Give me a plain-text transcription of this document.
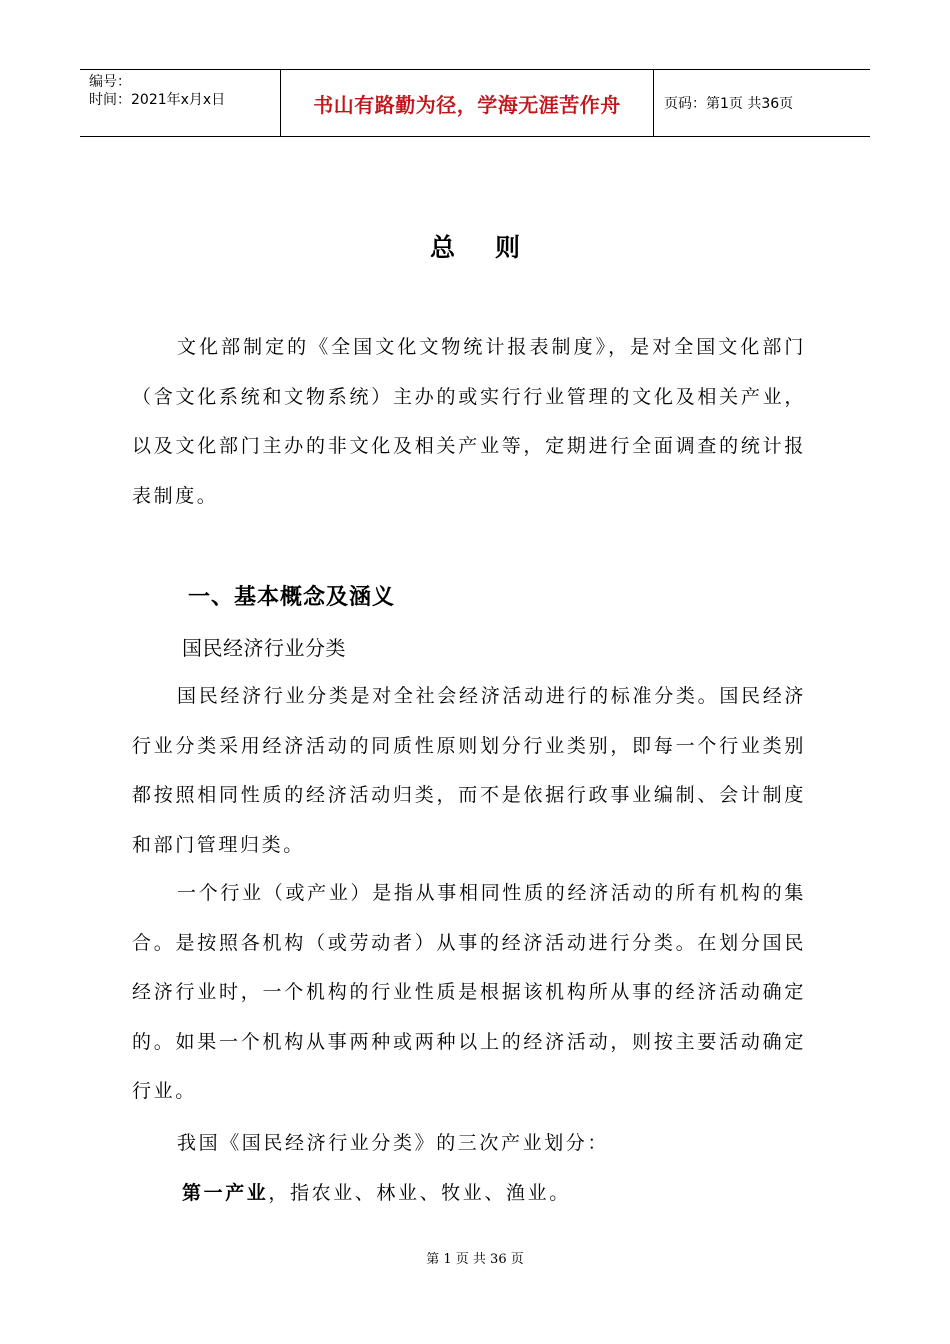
编号：
时间：2021年x月x日	书山有路勤为径，学海无涯苦作舟	页码：第1页 共36页
总则

文化部制定的《全国文化文物统计报表制度》，是对全国文化部门（含文化系统和文物系统）主办的或实行行业管理的文化及相关产业，以及文化部门主办的非文化及相关产业等，定期进行全面调查的统计报表制度。

一、基本概念及涵义
国民经济行业分类

国民经济行业分类是对全社会经济活动进行的标准分类。国民经济行业分类采用经济活动的同质性原则划分行业类别，即每一个行业类别都按照相同性质的经济活动归类，而不是依据行政事业编制、会计制度和部门管理归类。

一个行业（或产业）是指从事相同性质的经济活动的所有机构的集合。是按照各机构（或劳动者）从事的经济活动进行分类。在划分国民经济行业时，一个机构的行业性质是根据该机构所从事的经济活动确定的。如果一个机构从事两种或两种以上的经济活动，则按主要活动确定行业。

我国《国民经济行业分类》的三次产业划分：

第一产业，指农业、林业、牧业、渔业。
第 1 页 共 36 页
